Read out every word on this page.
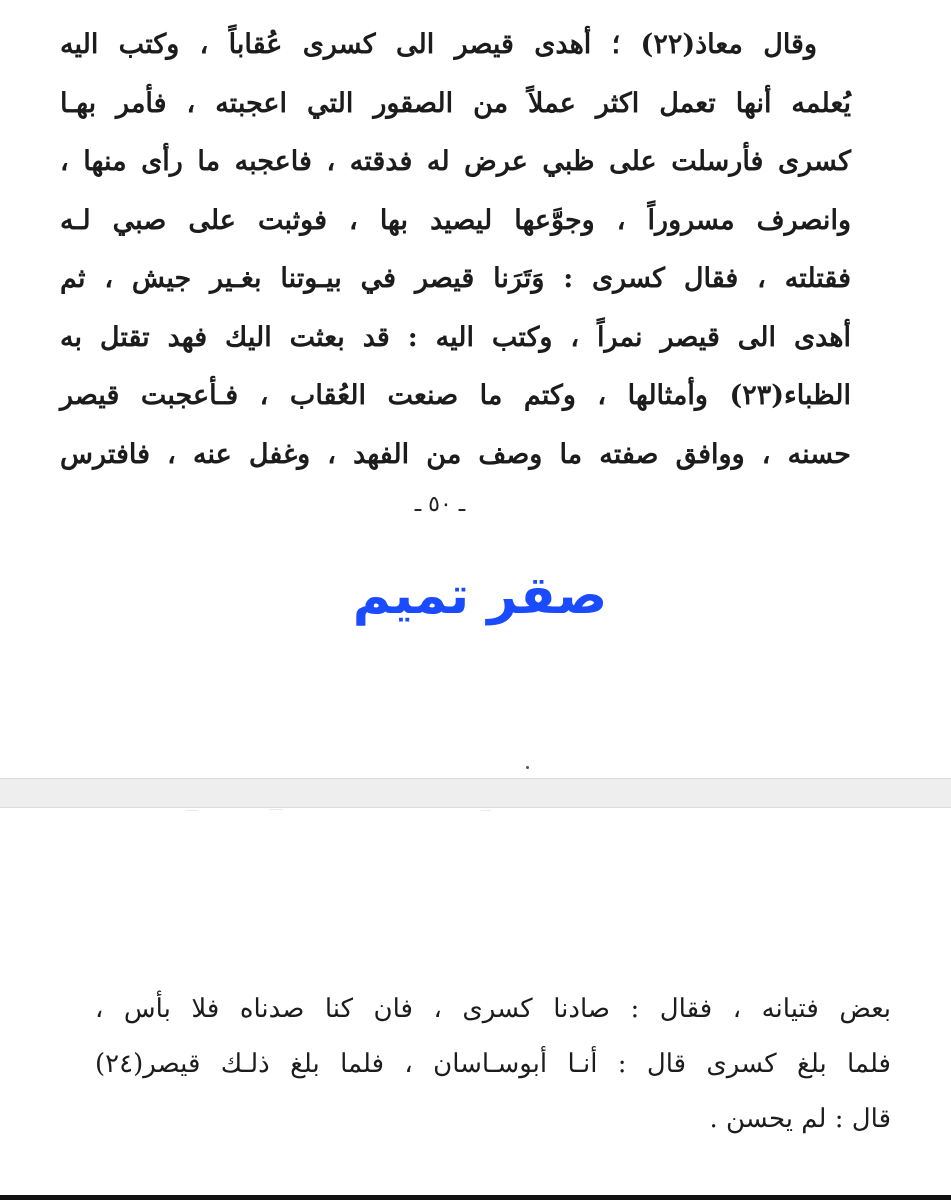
وقال معاذ(٢٢) ؛ أهدى قيصر الى كسرى عُقاباً ، وكتب اليه
يُعلمه أنها تعمل اكثر عملاً من الصقور التي اعجبته ، فأمر بهـا
كسرى فأرسلت على ظبي عرض له فدقته ، فاعجبه ما رأى منها ،
وانصرف مسروراً ، وجوَّعها ليصيد بها ، فوثبت على صبي لـه
فقتلته ، فقال كسرى : وَتَرَنا قيصر في بيـوتنا بغـير جيش ، ثم
أهدى الى قيصر نمراً ، وكتب اليه : قد بعثت اليك فهد تقتل به
الظباء(٢٣) وأمثالها ، وكتم ما صنعت العُقاب ، فـأعجبت قيصر
حسنه ، ووافق صفته ما وصف من الفهد ، وغفل عنه ، فافترس
ـ ٥٠ ـ
صقر تميم
بعض فتيانه ، فقال : صادنا كسرى ، فان كنا صدناه فلا بأس ،
فلما بلغ كسرى قال : أنـا أبوسـاسان ، فلما بلغ ذلـك قيصر(٢٤)
قال : لم يحسن .
